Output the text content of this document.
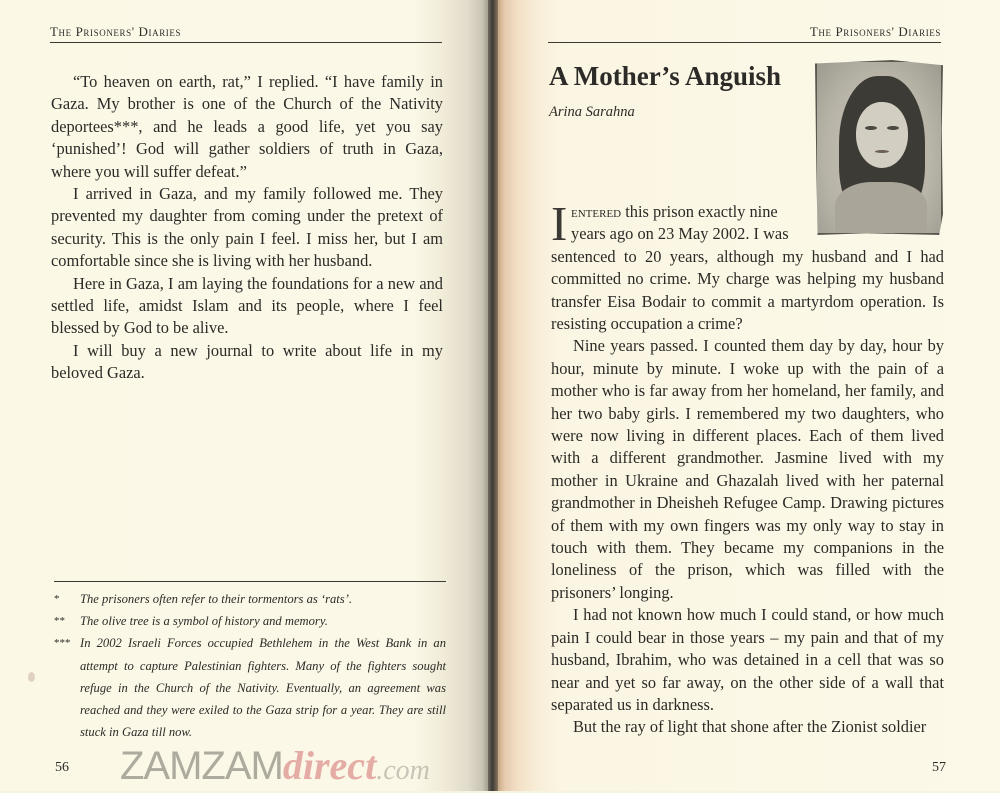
The Prisoners' Diaries

“To heaven on earth, rat,” I replied. “I have family in Gaza. My brother is one of the Church of the Nativity deportees***, and he leads a good life, yet you say ‘punished’! God will gather soldiers of truth in Gaza, where you will suffer defeat.”

I arrived in Gaza, and my family followed me. They prevented my daughter from coming under the pretext of security. This is the only pain I feel. I miss her, but I am comfortable since she is living with her husband.

Here in Gaza, I am laying the foundations for a new and settled life, amidst Islam and its people, where I feel blessed by God to be alive.

I will buy a new journal to write about life in my beloved Gaza.

*	The prisoners often refer to their tormentors as ‘rats’.
**	The olive tree is a symbol of history and memory.
*** In 2002 Israeli Forces occupied Bethlehem in the West Bank in an attempt to capture Palestinian fighters. Many of the fighters sought refuge in the Church of the Nativity. Eventually, an agreement was reached and they were exiled to the Gaza strip for a year. They are still stuck in Gaza till now.
56
The Prisoners' Diaries
A Mother’s Anguish
Arina Sarahna
I entered this prison exactly nine
years ago on 23 May 2002. I was

sentenced to 20 years, although my husband and I had committed no crime. My charge was helping my husband transfer Eisa Bodair to commit a martyrdom operation. Is resisting occupation a crime?

Nine years passed. I counted them day by day, hour by hour, minute by minute. I woke up with the pain of a mother who is far away from her homeland, her family, and her two baby girls. I remembered my two daughters, who were now living in different places. Each of them lived with a different grandmother. Jasmine lived with my mother in Ukraine and Ghazalah lived with her paternal grandmother in Dheisheh Refugee Camp. Drawing pictures of them with my own fingers was my only way to stay in touch with them. They became my companions in the loneliness of the prison, which was filled with the prisoners’ longing.

I had not known how much I could stand, or how much pain I could bear in those years – my pain and that of my husband, Ibrahim, who was detained in a cell that was so near and yet so far away, on the other side of a wall that separated us in darkness.

But the ray of light that shone after the Zionist soldier

57
ZAMZAMdirect.com
